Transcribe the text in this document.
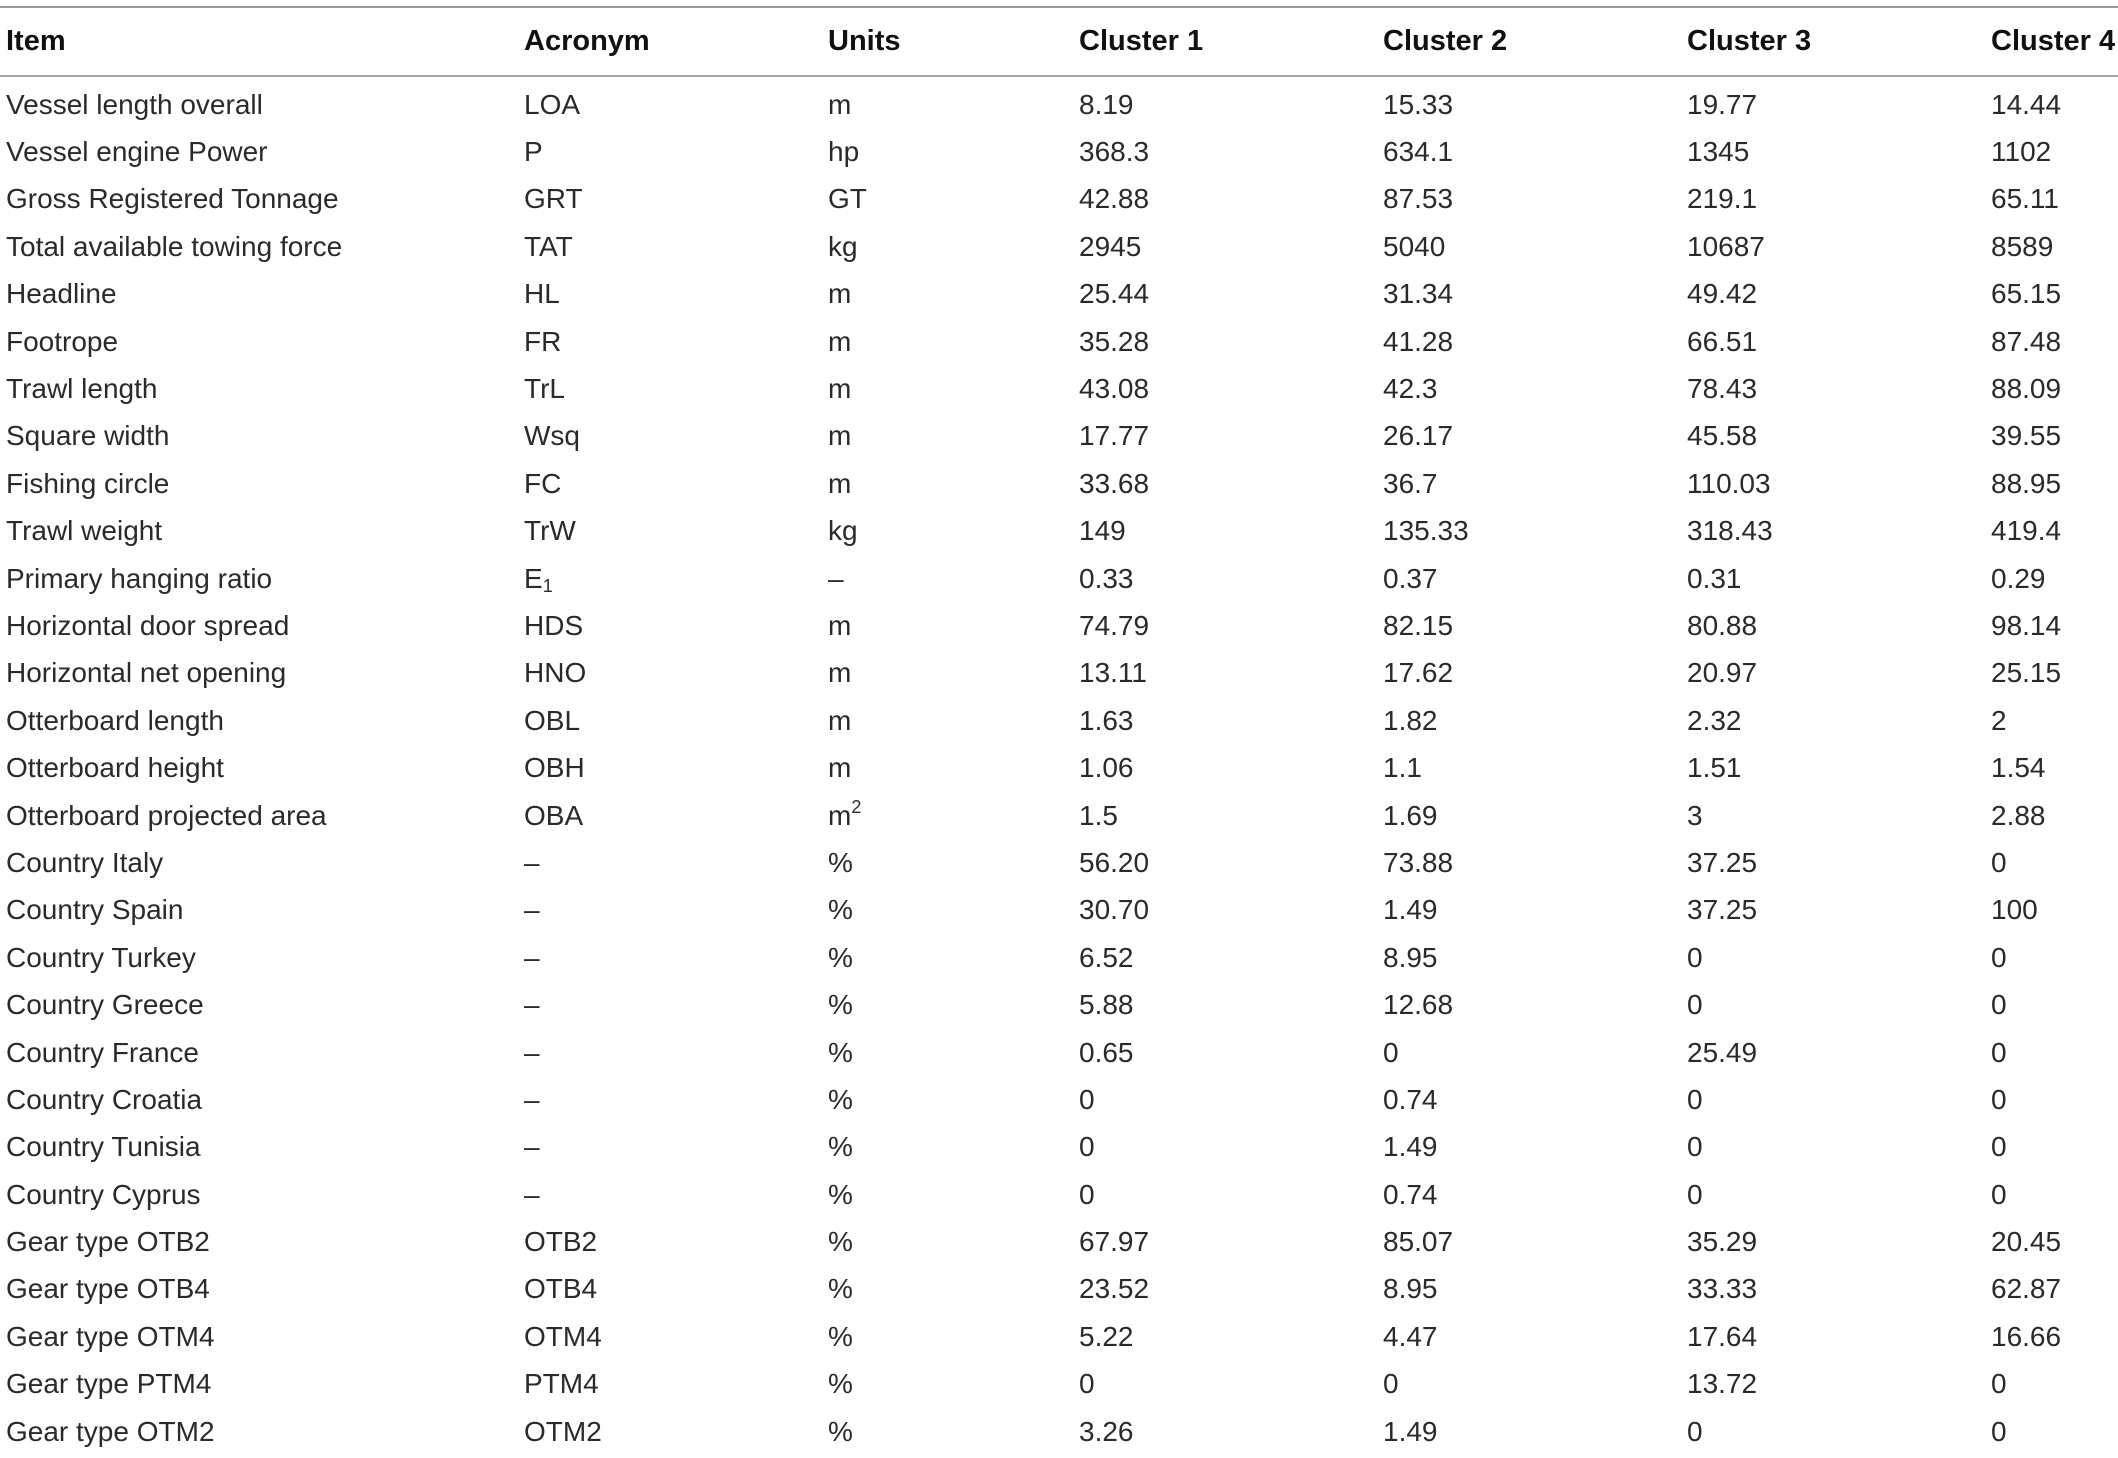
Item	Acronym	Units	Cluster 1	Cluster 2	Cluster 3	Cluster 4
Vessel length overall	LOA	m	8.19	15.33	19.77	14.44
Vessel engine Power	P	hp	368.3	634.1	1345	1102
Gross Registered Tonnage	GRT	GT	42.88	87.53	219.1	65.11
Total available towing force	TAT	kg	2945	5040	10687	8589
Headline	HL	m	25.44	31.34	49.42	65.15
Footrope	FR	m	35.28	41.28	66.51	87.48
Trawl length	TrL	m	43.08	42.3	78.43	88.09
Square width	Wsq	m	17.77	26.17	45.58	39.55
Fishing circle	FC	m	33.68	36.7	110.03	88.95
Trawl weight	TrW	kg	149	135.33	318.43	419.4
Primary hanging ratio	$E_1$	–	0.33	0.37	0.31	0.29
Horizontal door spread	HDS	m	74.79	82.15	80.88	98.14
Horizontal net opening	HNO	m	13.11	17.62	20.97	25.15
Otterboard length	OBL	m	1.63	1.82	2.32	2
Otterboard height	OBH	m	1.06	1.1	1.51	1.54
Otterboard projected area	OBA	$m^2$	1.5	1.69	3	2.88
Country Italy	–	%	56.20	73.88	37.25	0
Country Spain	–	%	30.70	1.49	37.25	100
Country Turkey	–	%	6.52	8.95	0	0
Country Greece	–	%	5.88	12.68	0	0
Country France	–	%	0.65	0	25.49	0
Country Croatia	–	%	0	0.74	0	0
Country Tunisia	–	%	0	1.49	0	0
Country Cyprus	–	%	0	0.74	0	0
Gear type OTB2	OTB2	%	67.97	85.07	35.29	20.45
Gear type OTB4	OTB4	%	23.52	8.95	33.33	62.87
Gear type OTM4	OTM4	%	5.22	4.47	17.64	16.66
Gear type PTM4	PTM4	%	0	0	13.72	0
Gear type OTM2	OTM2	%	3.26	1.49	0	0
